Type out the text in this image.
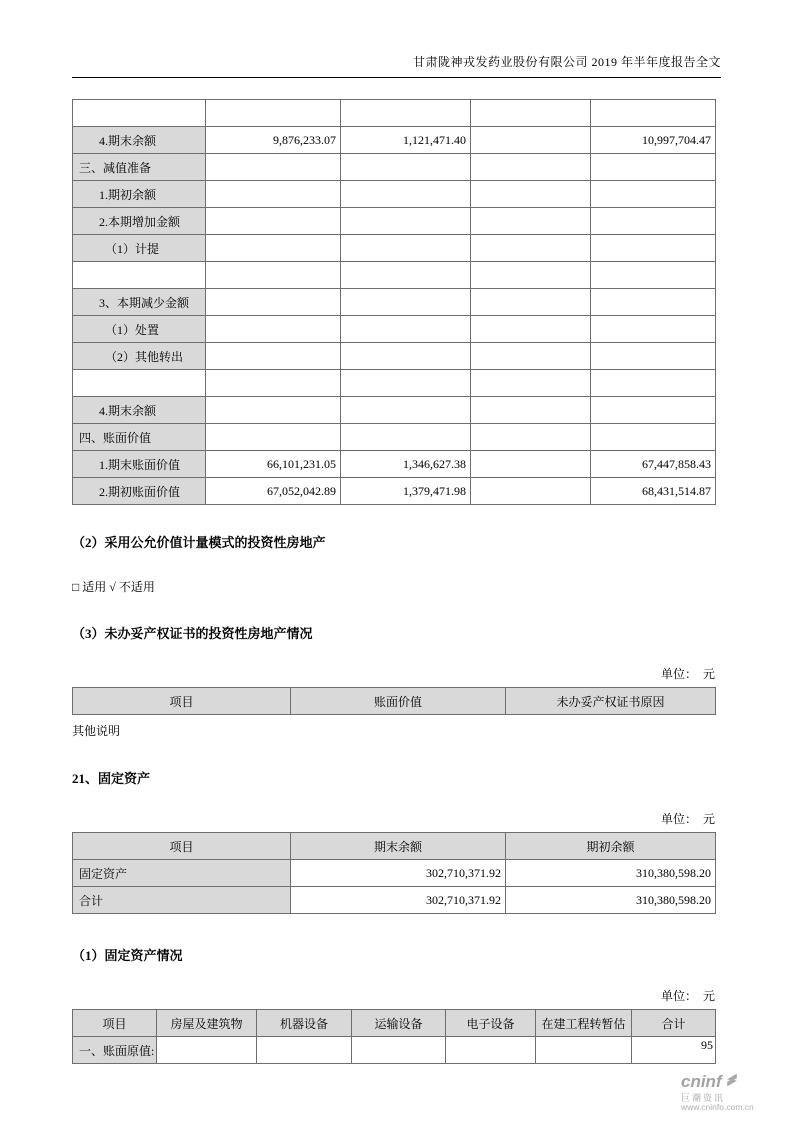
甘肃陇神戎发药业股份有限公司 2019 年半年度报告全文

4.期末余额	9,876,233.07	1,121,471.40		10,997,704.47
三、减值准备				
1.期初余额				
2.本期增加金额				
（1）计提				

3、本期减少金额				
（1）处置				
（2）其他转出				

4.期末余额				
四、账面价值				
1.期末账面价值	66,101,231.05	1,346,627.38		67,447,858.43
2.期初账面价值	67,052,042.89	1,379,471.98		68,431,514.87
（2）采用公允价值计量模式的投资性房地产
□ 适用 √ 不适用
（3）未办妥产权证书的投资性房地产情况
单位：  元
项目	账面价值	未办妥产权证书原因
其他说明
21、固定资产
单位：  元
项目	期末余额	期初余额
固定资产	302,710,371.92	310,380,598.20
合计	302,710,371.92	310,380,598.20
（1）固定资产情况
单位：  元
项目	房屋及建筑物	机器设备	运输设备	电子设备	在建工程转暂估	合计
一、账面原值:							95
cninf
巨潮资讯
www.cninfo.com.cn
